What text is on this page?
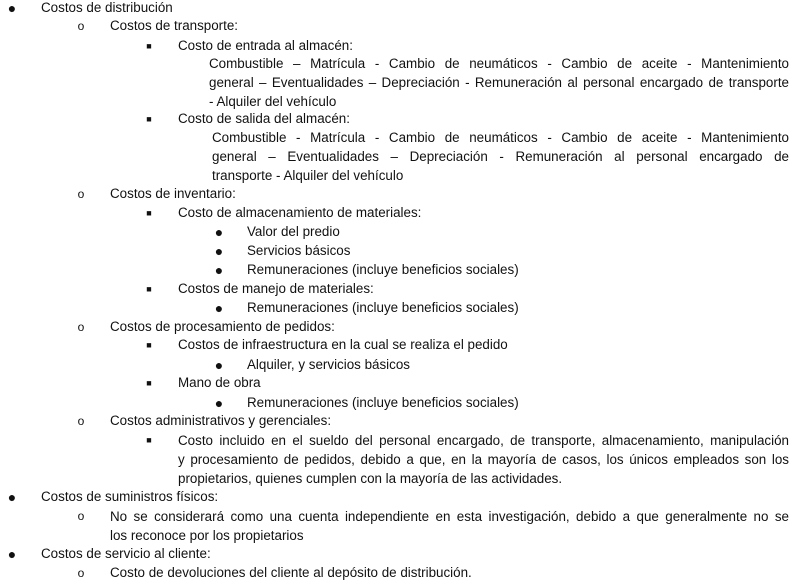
● Costos de distribución
o	Costos de transporte:
■ Costo de entrada al almacén:
Combustible – Matrícula - Cambio de neumáticos - Cambio de aceite - Mantenimiento
general – Eventualidades – Depreciación - Remuneración al personal encargado de transporte
- Alquiler del vehículo
■ Costo de salida del almacén:
Combustible - Matrícula - Cambio de neumáticos - Cambio de aceite - Mantenimiento
general – Eventualidades – Depreciación - Remuneración al personal encargado de
transporte - Alquiler del vehículo
o	Costos de inventario:
■ Costo de almacenamiento de materiales:
● Valor del predio
● Servicios básicos
● Remuneraciones (incluye beneficios sociales)
■ Costos de manejo de materiales:
● Remuneraciones (incluye beneficios sociales)
o	Costos de procesamiento de pedidos:
■ Costos de infraestructura en la cual se realiza el pedido
● Alquiler, y servicios básicos
■ Mano de obra
● Remuneraciones (incluye beneficios sociales)
o	Costos administrativos y gerenciales:
■ Costo incluido en el sueldo del personal encargado, de transporte, almacenamiento, manipulación
y procesamiento de pedidos, debido a que, en la mayoría de casos, los únicos empleados son los
propietarios, quienes cumplen con la mayoría de las actividades.
● Costos de suministros físicos:
o	No se considerará como una cuenta independiente en esta investigación, debido a que generalmente no se
los reconoce por los propietarios
● Costos de servicio al cliente:
o	Costo de devoluciones del cliente al depósito de distribución.
